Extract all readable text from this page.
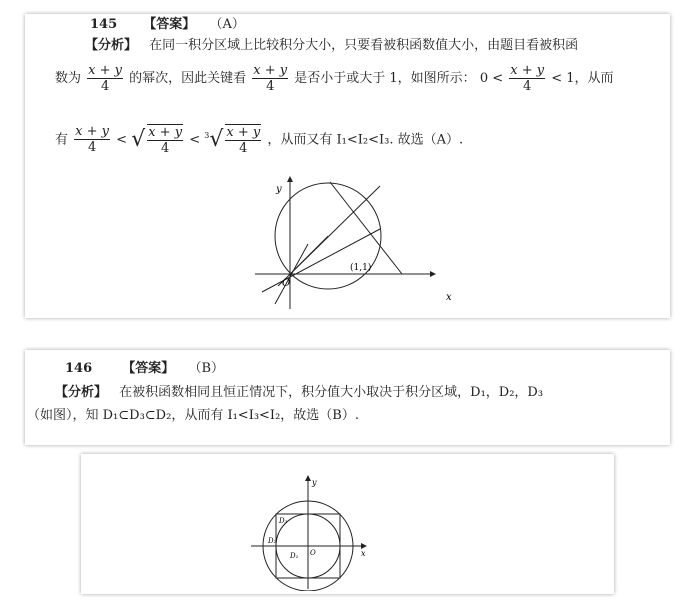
145 【答案】 （A）
【分析】 在同一积分区域上比较积分大小，只要看被积函数值大小，由题目看被积函
数为 $\frac{x + y}{4}$ 的幂次，因此关键看 $\frac{x + y}{4}$ 是否小于或大于 1，如图所示： $0 < \frac{x + y}{4} < 1$，从而
有 $\frac{x + y}{4}$ < √ $\frac{x + y}{4} < ^3√ \frac{x + y}{4}$ ，从而又有 I₁<I₂<I₃. 故选（A）.
(1,1)
x
y
O
146 【答案】 （B）
【分析】 在被积函数相同且恒正情况下，积分值大小取决于积分区域，D₁，D₂，D₃
（如图），知 D₁⊂D₃⊂D₂，从而有 I₁<I₃<I₂，故选（B）.
D₃
D₂
D₁ O	x
y
